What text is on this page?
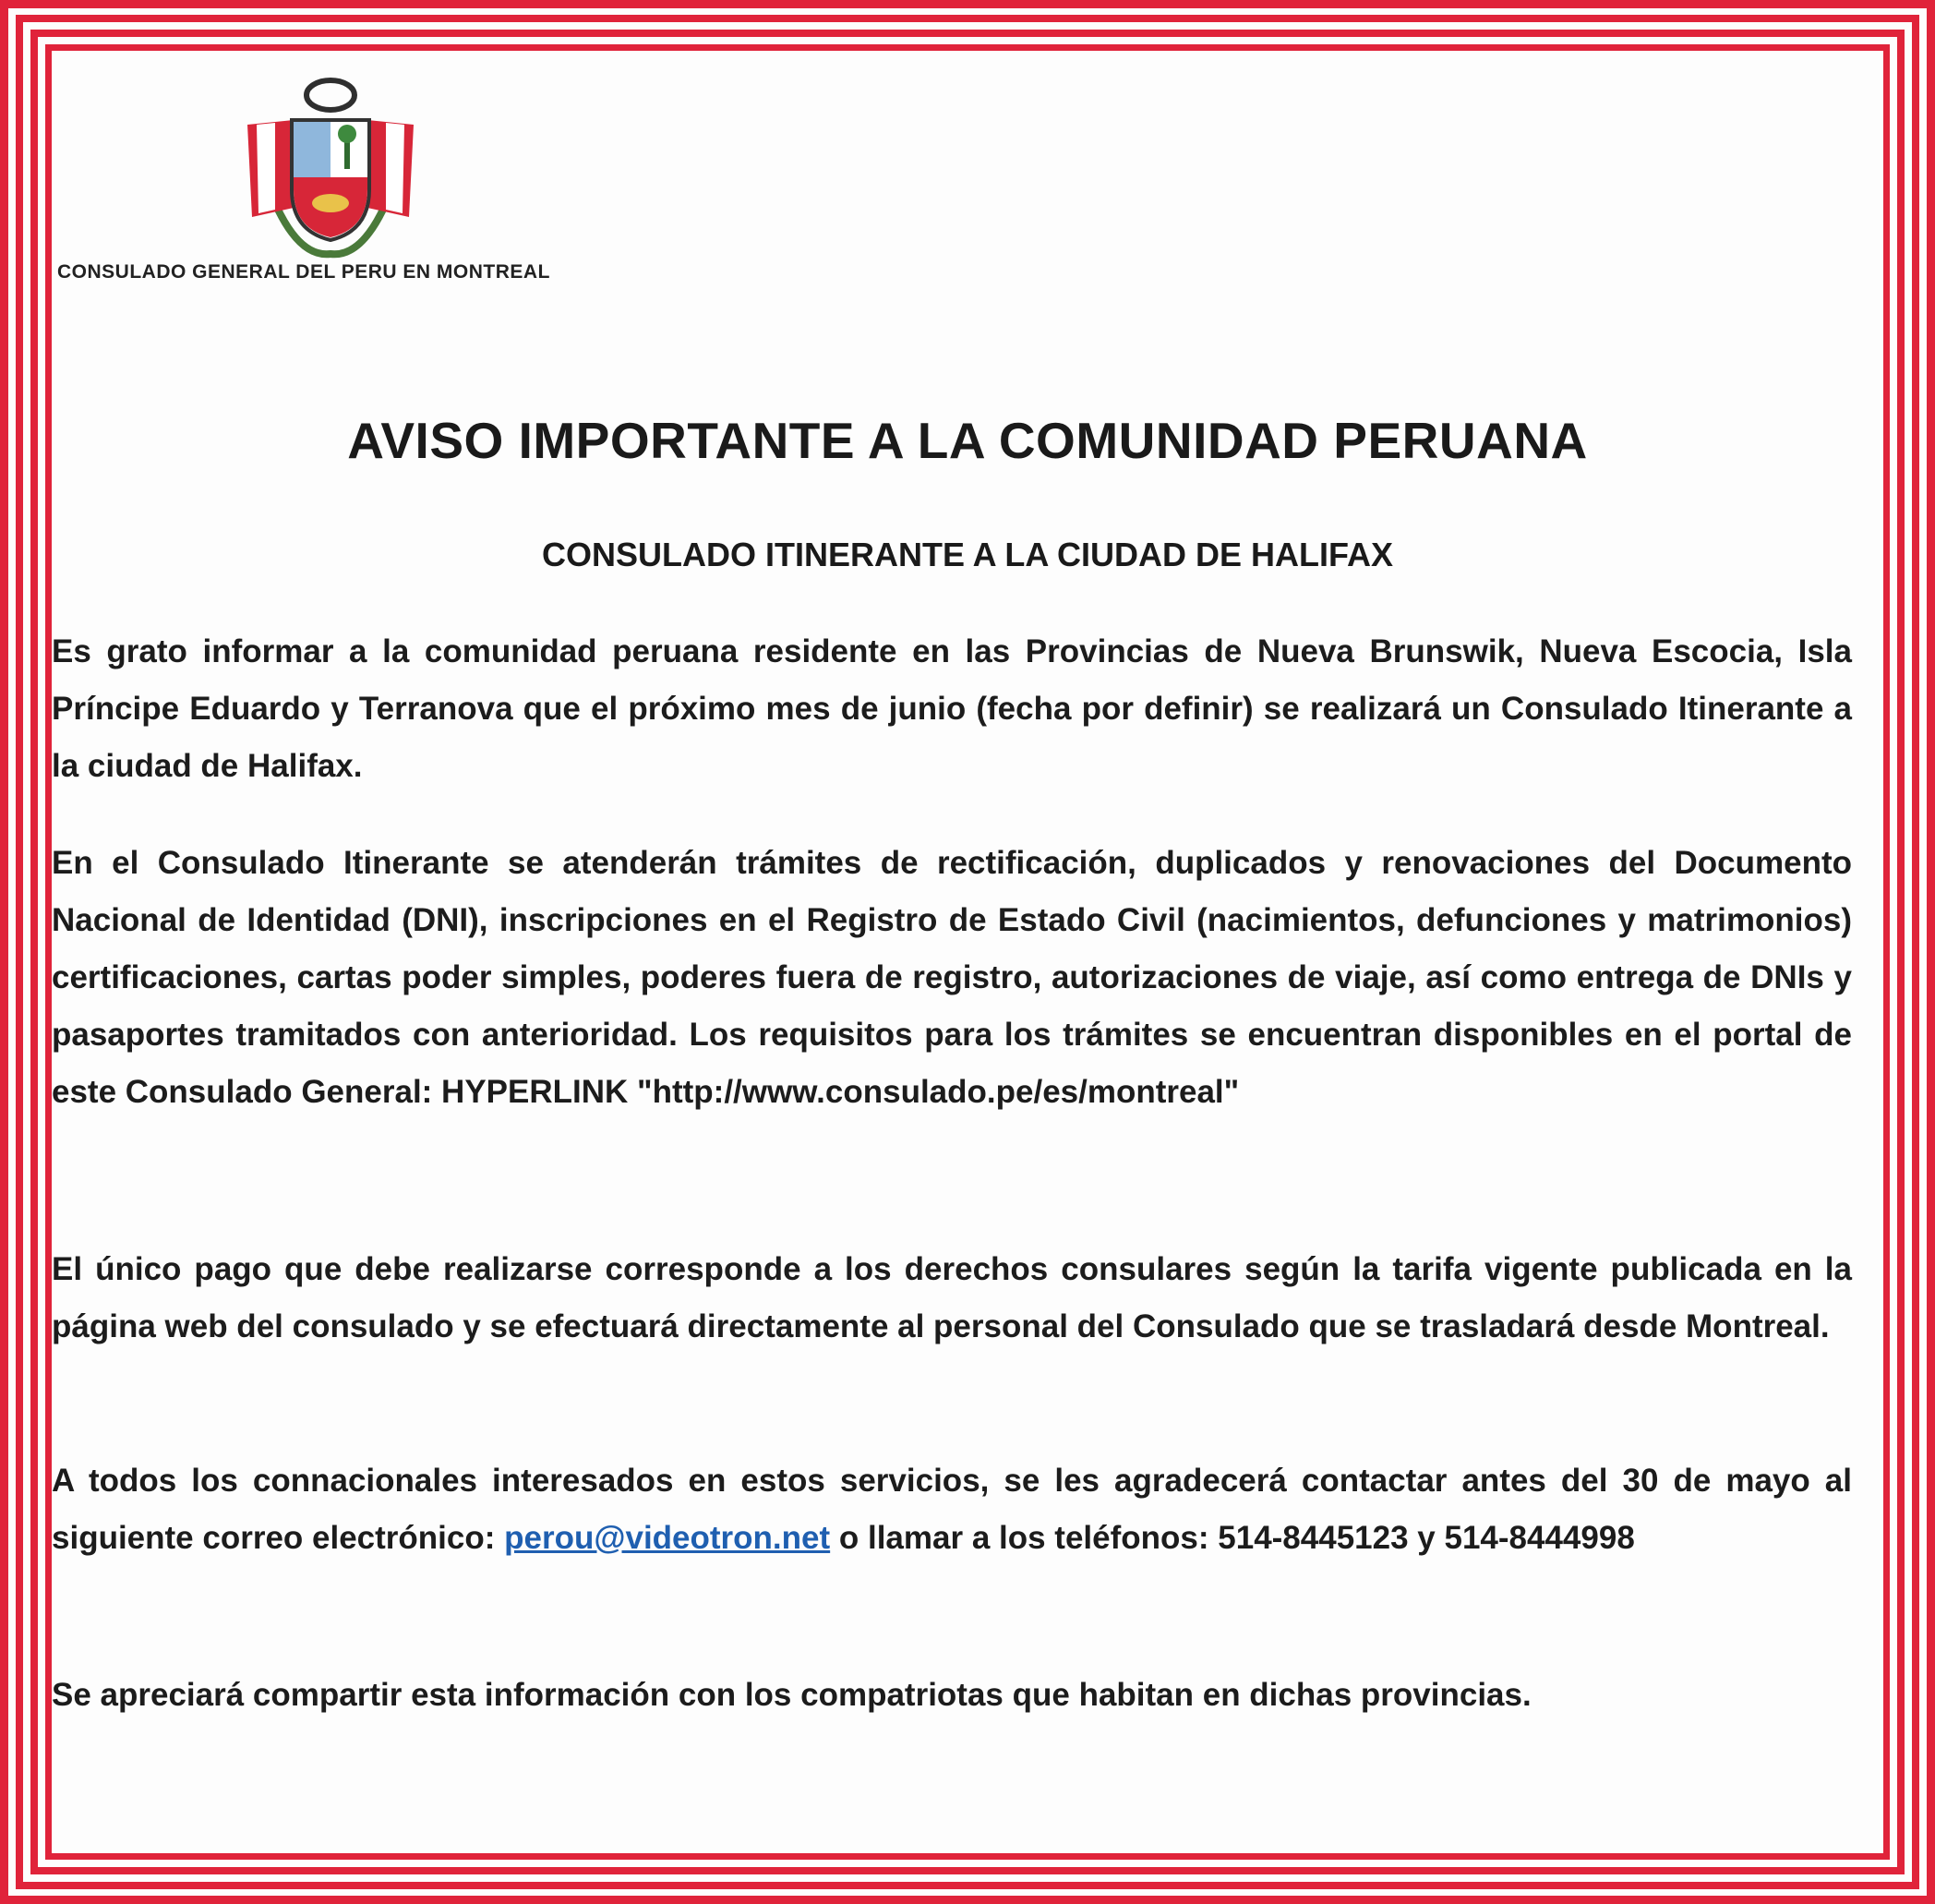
CONSULADO GENERAL DEL PERU EN MONTREAL
AVISO IMPORTANTE A LA COMUNIDAD PERUANA
CONSULADO ITINERANTE A LA CIUDAD DE HALIFAX

Es grato informar a la comunidad peruana residente en las Provincias de Nueva Brunswik, Nueva Escocia, Isla Príncipe Eduardo y Terranova que el próximo mes de junio (fecha por definir) se realizará un Consulado Itinerante a la ciudad de Halifax.

En el Consulado Itinerante se atenderán trámites de rectificación, duplicados y renovaciones del Documento Nacional de Identidad (DNI), inscripciones en el Registro de Estado Civil (nacimientos, defunciones y matrimonios) certificaciones, cartas poder simples, poderes fuera de registro, autorizaciones de viaje, así como entrega de DNIs y pasaportes tramitados con anterioridad. Los requisitos para los trámites se encuentran disponibles en el portal de este Consulado General: HYPERLINK "http://www.consulado.pe/es/montreal"

El único pago que debe realizarse corresponde a los derechos consulares según la tarifa vigente publicada en la página web del consulado y se efectuará directamente al personal del Consulado que se trasladará desde Montreal.

A todos los connacionales interesados en estos servicios, se les agradecerá contactar antes del 30 de mayo al siguiente correo electrónico: perou@videotron.net o llamar a los teléfonos: 514-8445123 y 514-8444998

Se apreciará compartir esta información con los compatriotas que habitan en dichas provincias.
